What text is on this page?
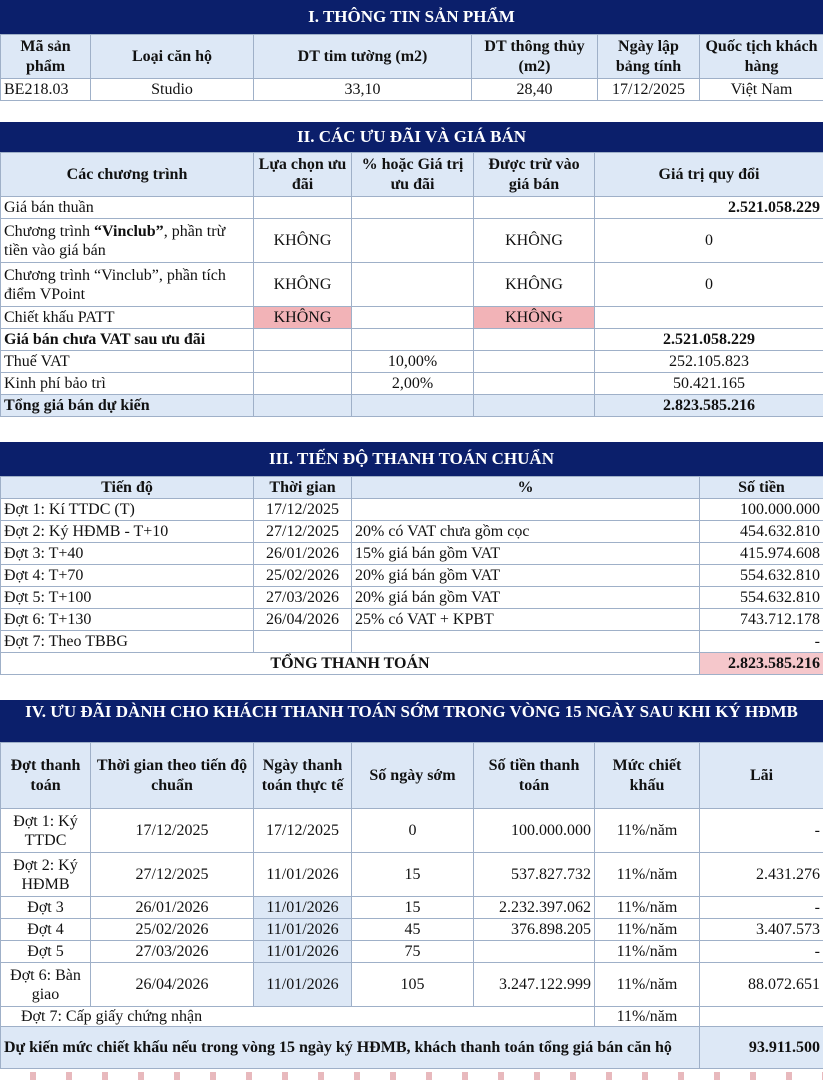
I. THÔNG TIN SẢN PHẨM
Mã sản phẩm	Loại căn hộ	DT tim tường (m2)	DT thông thủy (m2)	Ngày lập bảng tính	Quốc tịch khách hàng
BE218.03	Studio	33,10	28,40	17/12/2025	Việt Nam
II. CÁC ƯU ĐÃI VÀ GIÁ BÁN
Các chương trình	Lựa chọn ưu đãi	% hoặc Giá trị ưu đãi	Được trừ vào giá bán	Giá trị quy đổi
Giá bán thuần				2.521.058.229
Chương trình “Vinclub”, phần trừ tiền vào giá bán	KHÔNG		KHÔNG	0
Chương trình “Vinclub”, phần tích điểm VPoint	KHÔNG		KHÔNG	0
Chiết khấu PATT	KHÔNG		KHÔNG	
Giá bán chưa VAT sau ưu đãi				2.521.058.229
Thuế VAT		10,00%		252.105.823
Kinh phí bảo trì		2,00%		50.421.165
Tổng giá bán dự kiến				2.823.585.216
III. TIẾN ĐỘ THANH TOÁN CHUẨN
Tiến độ	Thời gian	%	Số tiền
Đợt 1: Kí TTDC (T)	17/12/2025		100.000.000
Đợt 2: Ký HĐMB - T+10	27/12/2025	20% có VAT chưa gồm cọc	454.632.810
Đợt 3: T+40	26/01/2026	15% giá bán gồm VAT	415.974.608
Đợt 4: T+70	25/02/2026	20% giá bán gồm VAT	554.632.810
Đợt 5: T+100	27/03/2026	20% giá bán gồm VAT	554.632.810
Đợt 6: T+130	26/04/2026	25% có VAT + KPBT	743.712.178
Đợt 7: Theo TBBG			-
TỔNG THANH TOÁN			2.823.585.216
IV. ƯU ĐÃI DÀNH CHO KHÁCH THANH TOÁN SỚM TRONG VÒNG 15 NGÀY SAU KHI KÝ HĐMB
Đợt thanh toán	Thời gian theo tiến độ chuẩn	Ngày thanh toán thực tế	Số ngày sớm	Số tiền thanh toán	Mức chiết khấu	Lãi
Đợt 1: Ký TTDC	17/12/2025	17/12/2025	0	100.000.000	11%/năm	-
Đợt 2: Ký HĐMB	27/12/2025	11/01/2026	15	537.827.732	11%/năm	2.431.276
Đợt 3	26/01/2026	11/01/2026	15	2.232.397.062	11%/năm	-
Đợt 4	25/02/2026	11/01/2026	45	376.898.205	11%/năm	3.407.573
Đợt 5	27/03/2026	11/01/2026	75		11%/năm	-
Đợt 6: Bàn giao	26/04/2026	11/01/2026	105	3.247.122.999	11%/năm	88.072.651
Đợt 7: Cấp giấy chứng nhận					11%/năm	
Dự kiến mức chiết khấu nếu trong vòng 15 ngày ký HĐMB, khách thanh toán tổng giá bán căn hộ						93.911.500
